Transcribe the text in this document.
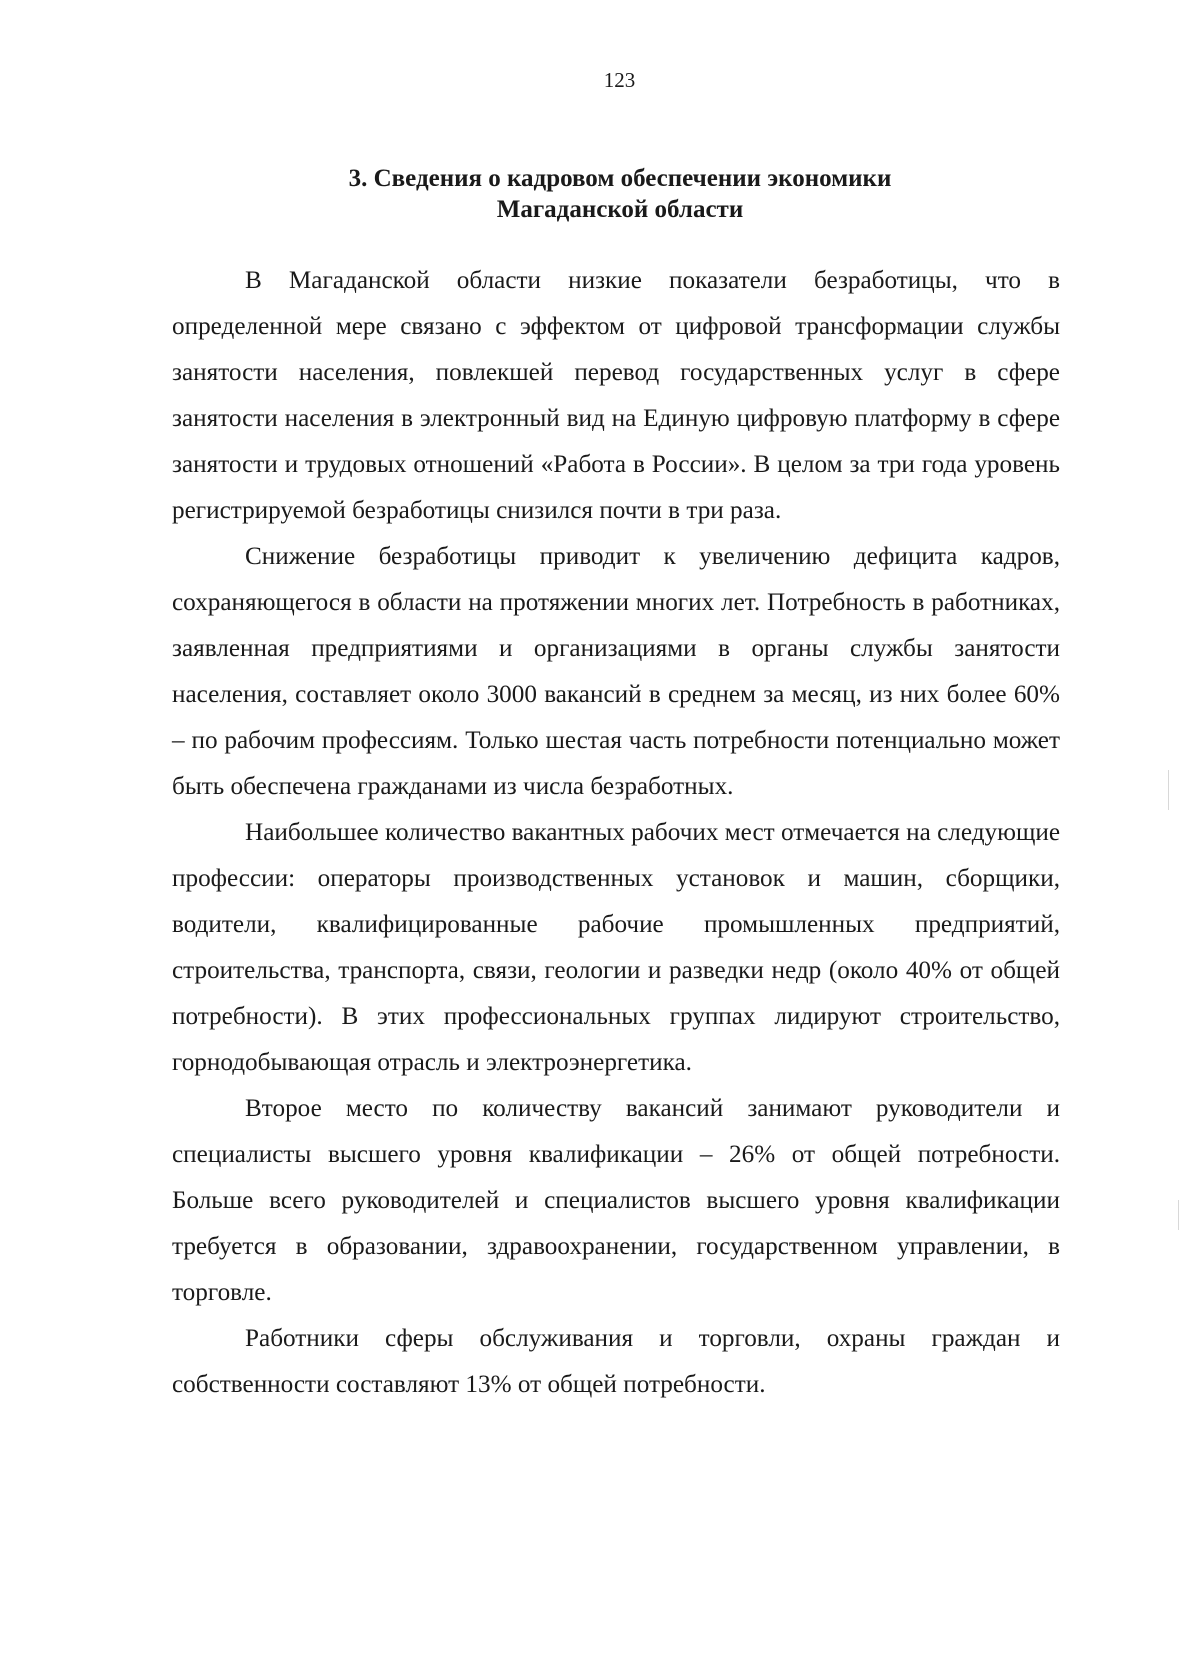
123
3. Сведения о кадровом обеспечении экономики
Магаданской области

В Магаданской области низкие показатели безработицы, что в определенной мере связано с эффектом от цифровой трансформации службы занятости населения, повлекшей перевод государственных услуг в сфере занятости населения в электронный вид на Единую цифровую платформу в сфере занятости и трудовых отношений «Работа в России». В целом за три года уровень регистрируемой безработицы снизился почти в три раза.

Снижение безработицы приводит к увеличению дефицита кадров, сохраняющегося в области на протяжении многих лет. Потребность в работниках, заявленная предприятиями и организациями в органы службы занятости населения, составляет около 3000 вакансий в среднем за месяц, из них более 60% – по рабочим профессиям. Только шестая часть потребности потенциально может быть обеспечена гражданами из числа безработных.

Наибольшее количество вакантных рабочих мест отмечается на следующие профессии: операторы производственных установок и машин, сборщики, водители, квалифицированные рабочие промышленных предприятий, строительства, транспорта, связи, геологии и разведки недр (около 40% от общей потребности). В этих профессиональных группах лидируют строительство, горнодобывающая отрасль и электроэнергетика.

Второе место по количеству вакансий занимают руководители и специалисты высшего уровня квалификации – 26% от общей потребности. Больше всего руководителей и специалистов высшего уровня квалификации требуется в образовании, здравоохранении, государственном управлении, в торговле.

Работники сферы обслуживания и торговли, охраны граждан и собственности составляют 13% от общей потребности.
